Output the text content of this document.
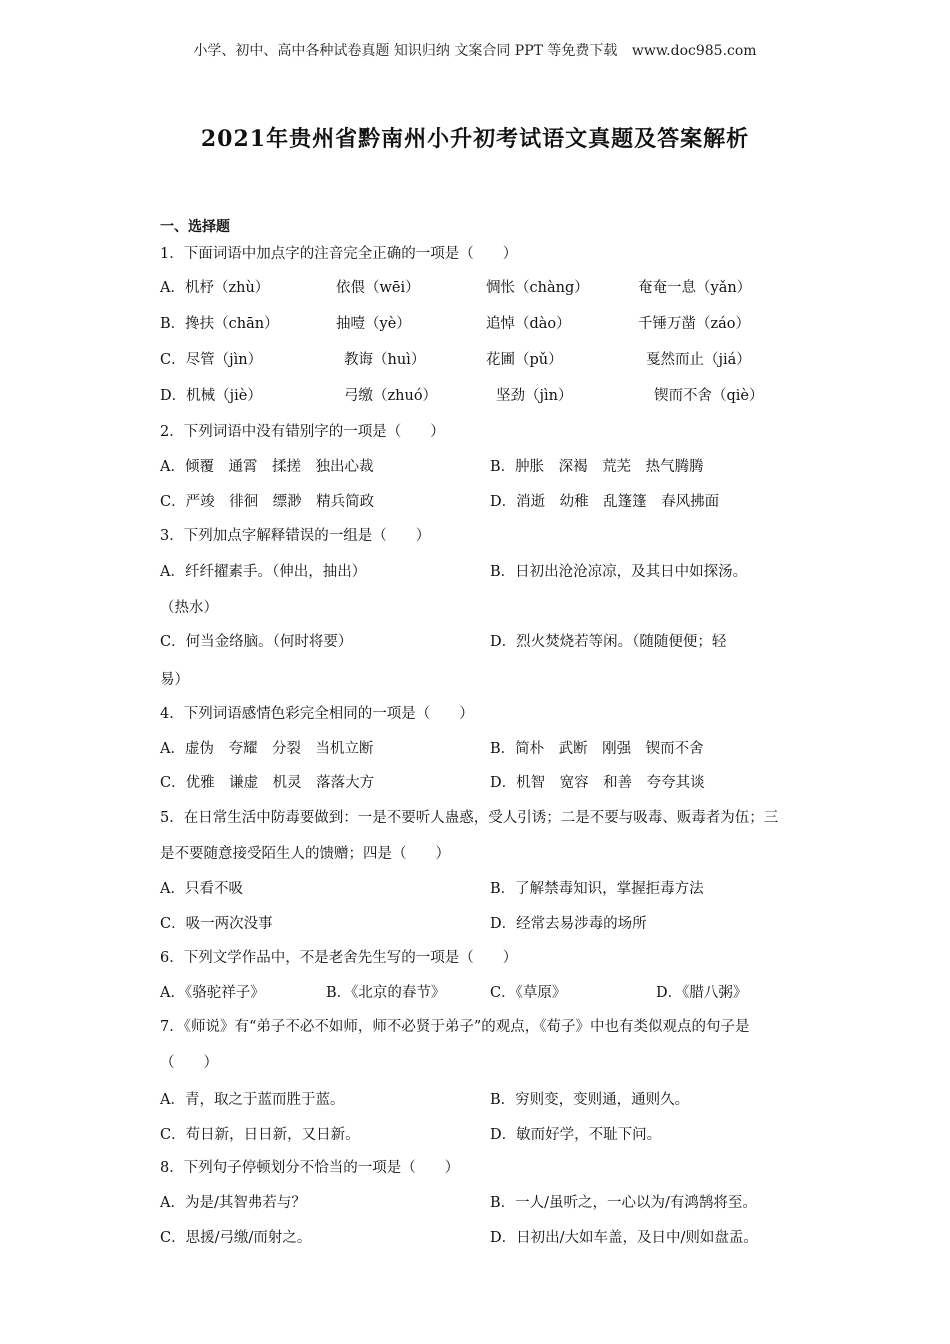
小学、初中、高中各种试卷真题 知识归纳 文案合同 PPT 等免费下载 www.doc985.com
2021年贵州省黔南州小升初考试语文真题及答案解析
一、选择题
1．下面词语中加点字的注音完全正确的一项是（　　）
A．机杼（zhù）	依偎（wēi）	惆怅（chàng）	奄奄一息（yǎn）
B．搀扶（chān）	抽噎（yè）	追悼（dào）	千锤万凿（záo）
C．尽管（jìn）	教诲（huì）	花圃（pǔ）	戛然而止（jiá）
D．机械（jiè）	弓缴（zhuó）	坚劲（jìn）	锲而不舍（qiè）
2．下列词语中没有错别字的一项是（　　）
A．倾覆　通霄　揉搓　独出心裁	B．肿胀　深褐　荒芜　热气腾腾
C．严竣　徘徊　缥渺　精兵简政	D．消逝　幼稚　乱篷篷　春风拂面
3．下列加点字解释错误的一组是（　　）
A．纤纤擢素手。（伸出，抽出）	B．日初出沧沧凉凉，及其日中如探汤。
（热水）
C．何当金络脑。（何时将要）	D．烈火焚烧若等闲。（随随便便；轻
易）
4．下列词语感情色彩完全相同的一项是（　　）
A．虚伪　夸耀　分裂　当机立断	B．简朴　武断　刚强　锲而不舍
C．优雅　谦虚　机灵　落落大方	D．机智　宽容　和善　夸夸其谈
5．在日常生活中防毒要做到：一是不要听人蛊惑，受人引诱；二是不要与吸毒、贩毒者为伍；三是不要随意接受陌生人的馈赠；四是（　　）
A．只看不吸	B．了解禁毒知识，掌握拒毒方法
C．吸一两次没事	D．经常去易涉毒的场所
6．下列文学作品中，不是老舍先生写的一项是（　　）
A．《骆驼祥子》	B．《北京的春节》	C．《草原》	D．《腊八粥》
7．《师说》有“弟子不必不如师，师不必贤于弟子”的观点，《荀子》中也有类似观点的句子是（　　）
A．青，取之于蓝而胜于蓝。	B．穷则变，变则通，通则久。
C．苟日新，日日新，又日新。	D．敏而好学，不耻下问。
8．下列句子停顿划分不恰当的一项是（　　）
A．为是/其智弗若与？	B．一人/虽听之，一心以为/有鸿鹄将至。
C．思援/弓缴/而射之。	D．日初出/大如车盖，及日中/则如盘盂。
